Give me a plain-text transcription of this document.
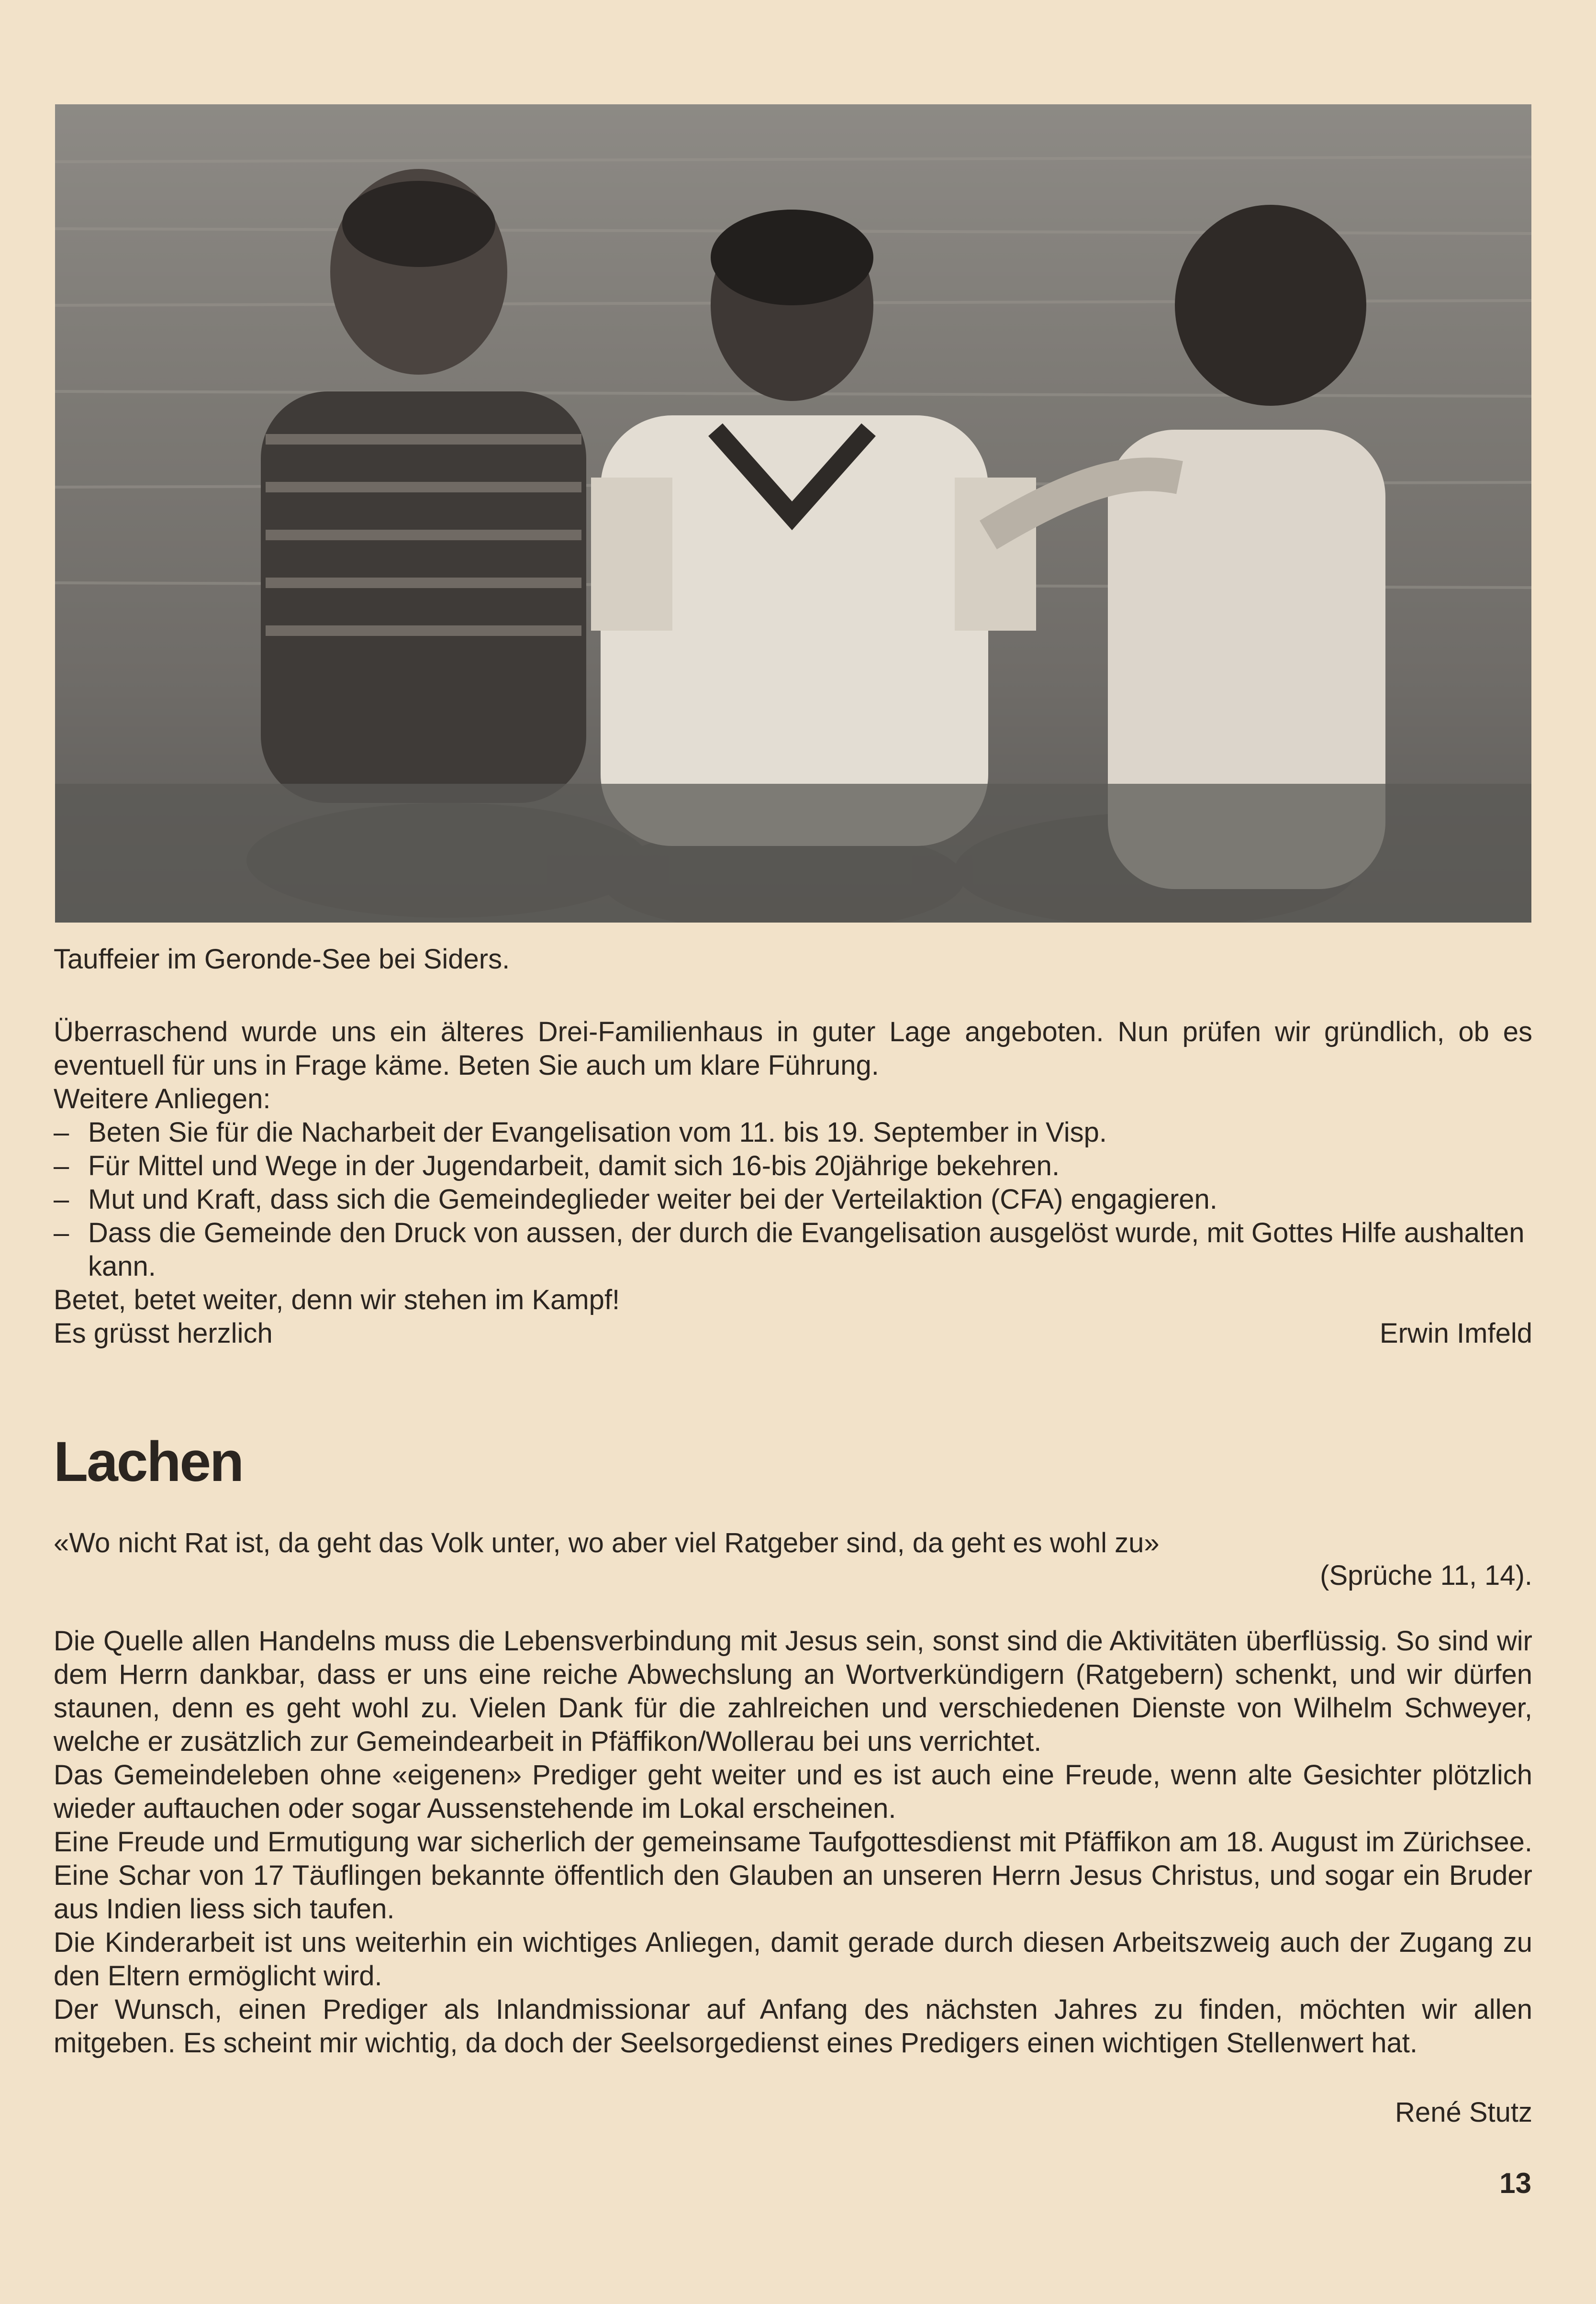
Tauffeier im Geronde-See bei Siders.

Überraschend wurde uns ein älteres Drei-Familienhaus in guter Lage angeboten. Nun prüfen wir gründlich, ob es eventuell für uns in Frage käme. Beten Sie auch um klare Führung.

Weitere Anliegen:

– Beten Sie für die Nacharbeit der Evangelisation vom 11. bis 19. September in Visp.
– Für Mittel und Wege in der Jugendarbeit, damit sich 16-bis 20jährige bekehren.
– Mut und Kraft, dass sich die Gemeindeglieder weiter bei der Verteilaktion (CFA) engagieren.
– Dass die Gemeinde den Druck von aussen, der durch die Evangelisation ausgelöst wurde, mit Gottes Hilfe aushalten kann.
Betet, betet weiter, denn wir stehen im Kampf!
Es grüsst herzlich	Erwin Imfeld
Lachen
«Wo nicht Rat ist, da geht das Volk unter, wo aber viel Ratgeber sind, da geht es wohl zu»
(Sprüche 11, 14).

Die Quelle allen Handelns muss die Lebensverbindung mit Jesus sein, sonst sind die Aktivitäten überflüssig. So sind wir dem Herrn dankbar, dass er uns eine reiche Abwechslung an Wortverkündigern (Ratgebern) schenkt, und wir dürfen staunen, denn es geht wohl zu. Vielen Dank für die zahlreichen und verschiedenen Dienste von Wilhelm Schweyer, welche er zusätzlich zur Gemeindearbeit in Pfäffikon/Wollerau bei uns verrichtet.

Das Gemeindeleben ohne «eigenen» Prediger geht weiter und es ist auch eine Freude, wenn alte Gesichter plötzlich wieder auftauchen oder sogar Aussenstehende im Lokal erscheinen.

Eine Freude und Ermutigung war sicherlich der gemeinsame Taufgottesdienst mit Pfäffikon am 18. August im Zürichsee. Eine Schar von 17 Täuflingen bekannte öffentlich den Glauben an unseren Herrn Jesus Christus, und sogar ein Bruder aus Indien liess sich taufen.

Die Kinderarbeit ist uns weiterhin ein wichtiges Anliegen, damit gerade durch diesen Arbeitszweig auch der Zugang zu den Eltern ermöglicht wird.

Der Wunsch, einen Prediger als Inlandmissionar auf Anfang des nächsten Jahres zu finden, möchten wir allen mitgeben. Es scheint mir wichtig, da doch der Seelsorgedienst eines Predigers einen wichtigen Stellenwert hat.

René Stutz
13
